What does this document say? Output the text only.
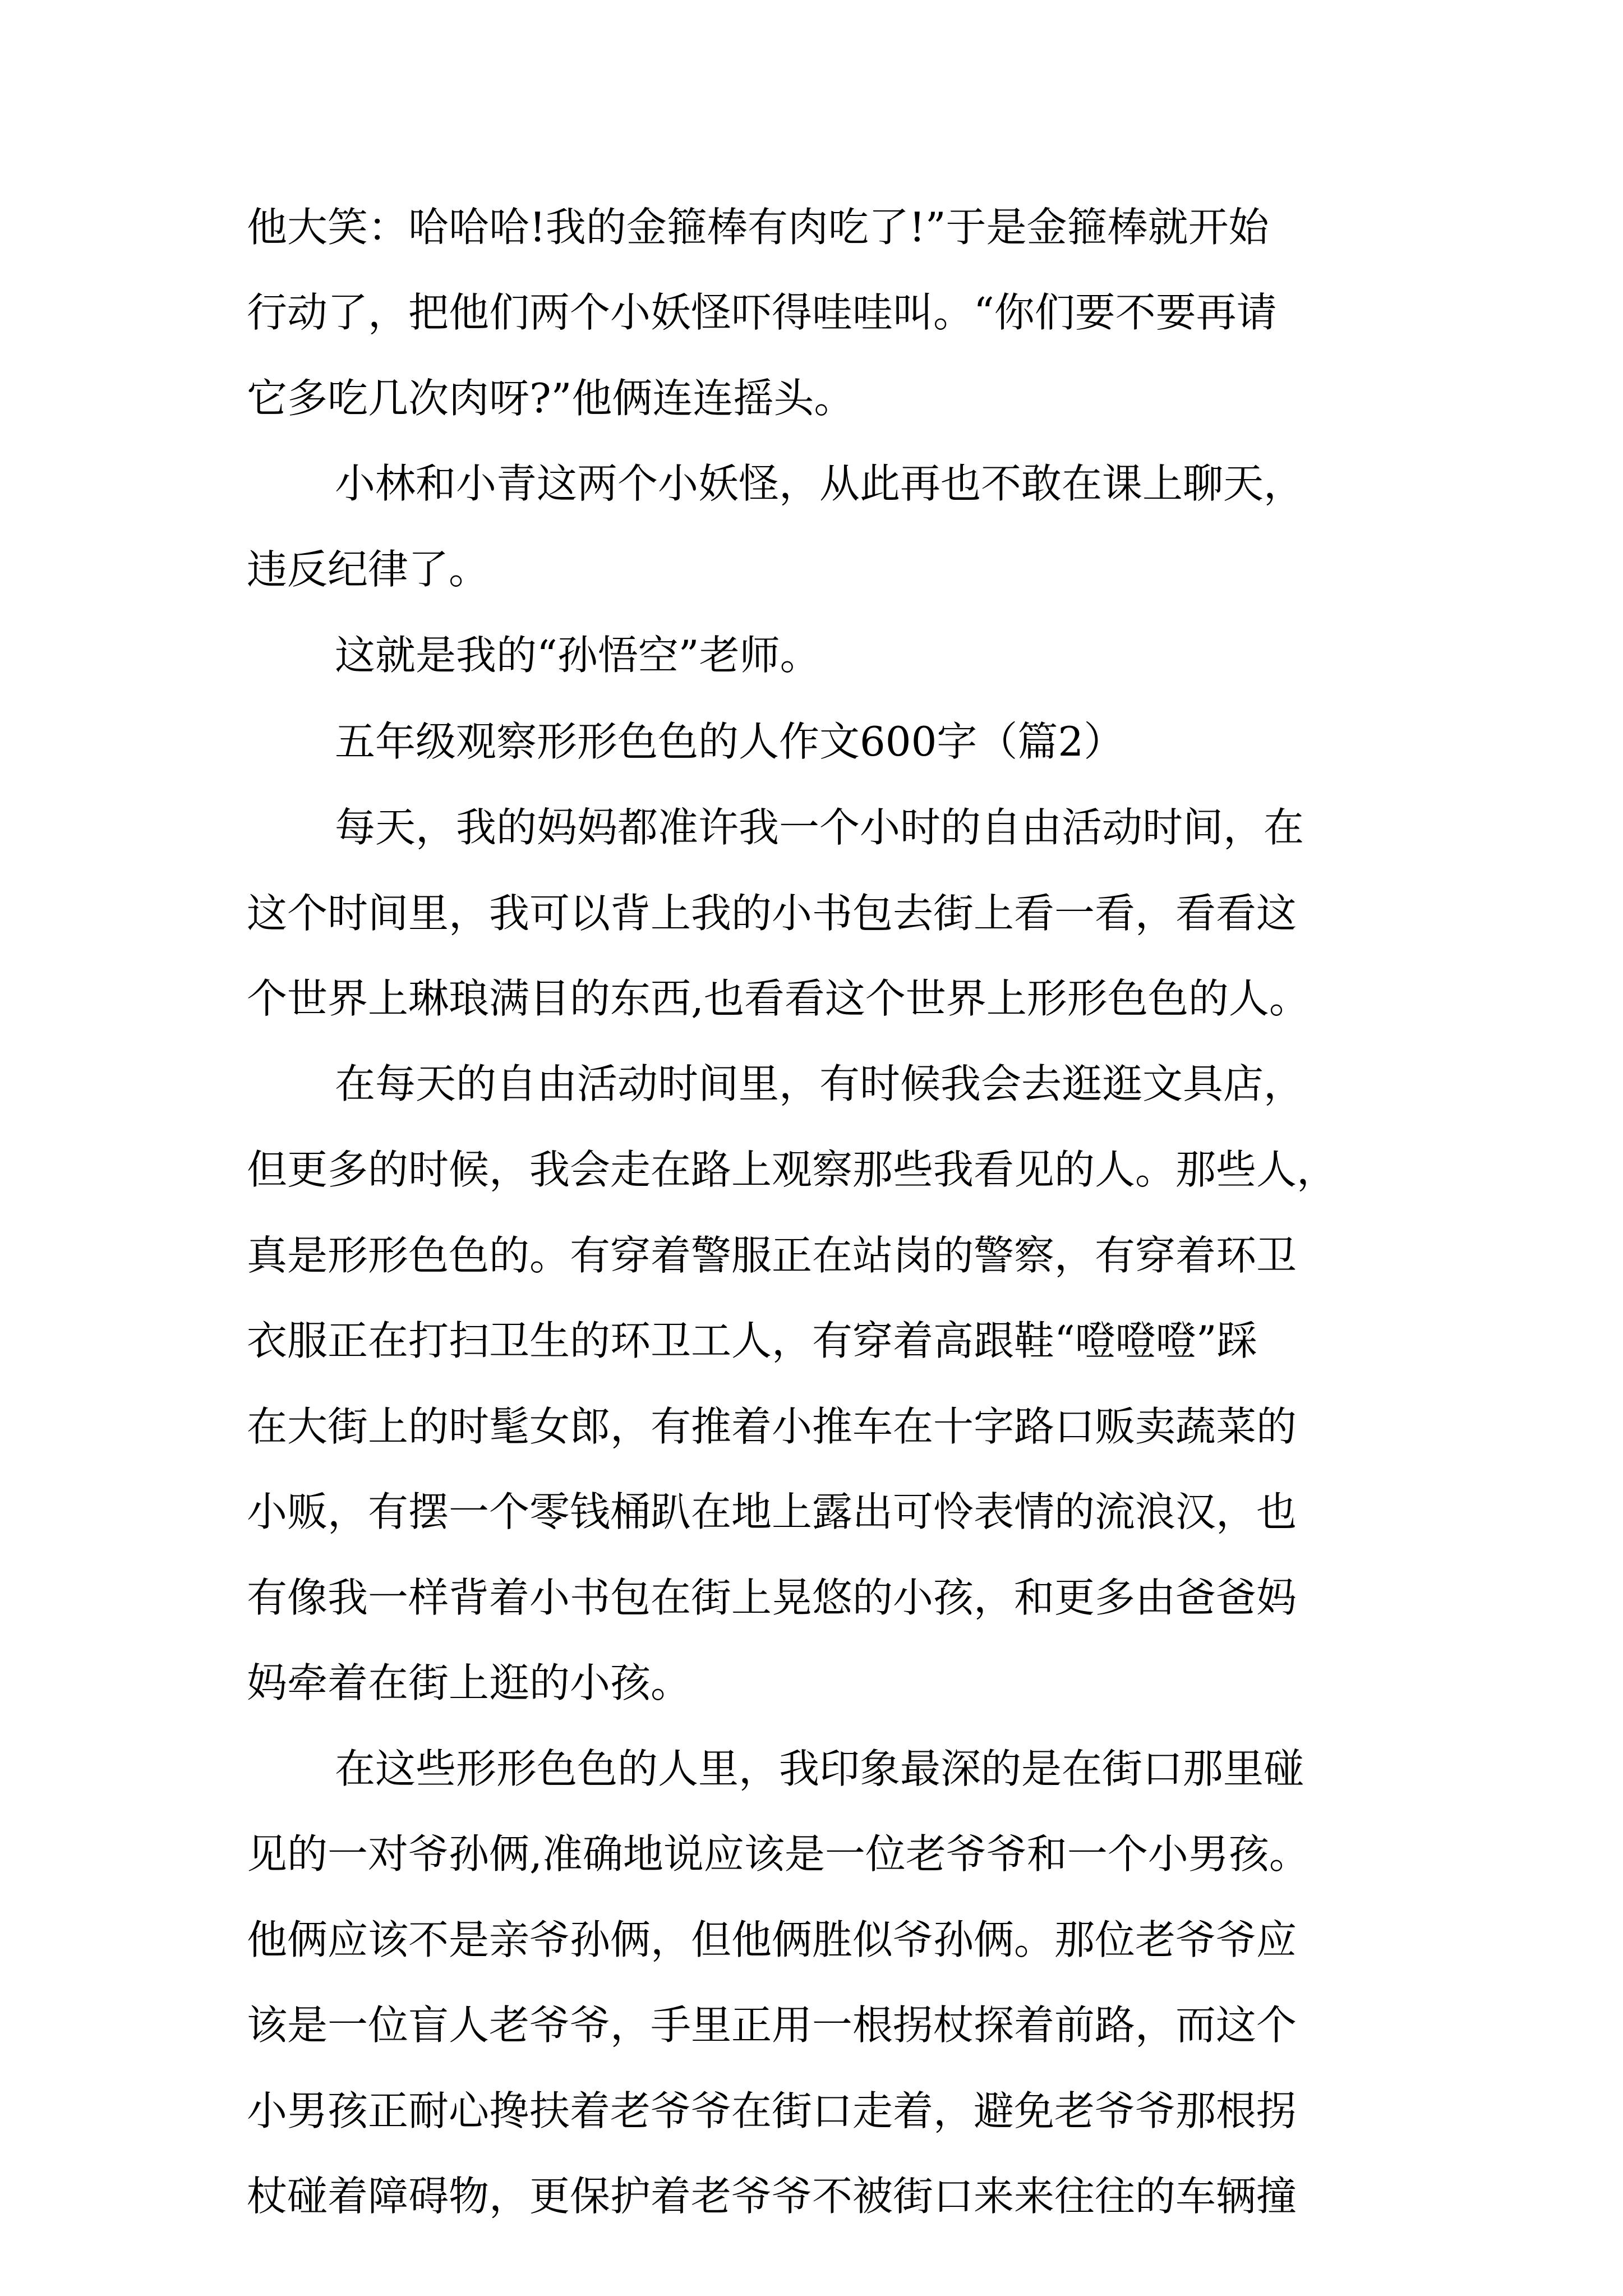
他大笑：哈哈哈!我的金箍棒有肉吃了!”于是金箍棒就开始
行动了，把他们两个小妖怪吓得哇哇叫。“你们要不要再请
它多吃几次肉呀?”他俩连连摇头。
小林和小青这两个小妖怪，从此再也不敢在课上聊天，
违反纪律了。
这就是我的“孙悟空”老师。
五年级观察形形色色的人作文600字（篇2）
每天，我的妈妈都准许我一个小时的自由活动时间，在
这个时间里，我可以背上我的小书包去街上看一看，看看这
个世界上琳琅满目的东西,也看看这个世界上形形色色的人。
在每天的自由活动时间里，有时候我会去逛逛文具店，
但更多的时候，我会走在路上观察那些我看见的人。那些人，
真是形形色色的。有穿着警服正在站岗的警察，有穿着环卫
衣服正在打扫卫生的环卫工人，有穿着高跟鞋“噔噔噔”踩
在大街上的时髦女郎，有推着小推车在十字路口贩卖蔬菜的
小贩，有摆一个零钱桶趴在地上露出可怜表情的流浪汉，也
有像我一样背着小书包在街上晃悠的小孩，和更多由爸爸妈
妈牵着在街上逛的小孩。
在这些形形色色的人里，我印象最深的是在街口那里碰
见的一对爷孙俩,准确地说应该是一位老爷爷和一个小男孩。
他俩应该不是亲爷孙俩，但他俩胜似爷孙俩。那位老爷爷应
该是一位盲人老爷爷，手里正用一根拐杖探着前路，而这个
小男孩正耐心搀扶着老爷爷在街口走着，避免老爷爷那根拐
杖碰着障碍物，更保护着老爷爷不被街口来来往往的车辆撞
